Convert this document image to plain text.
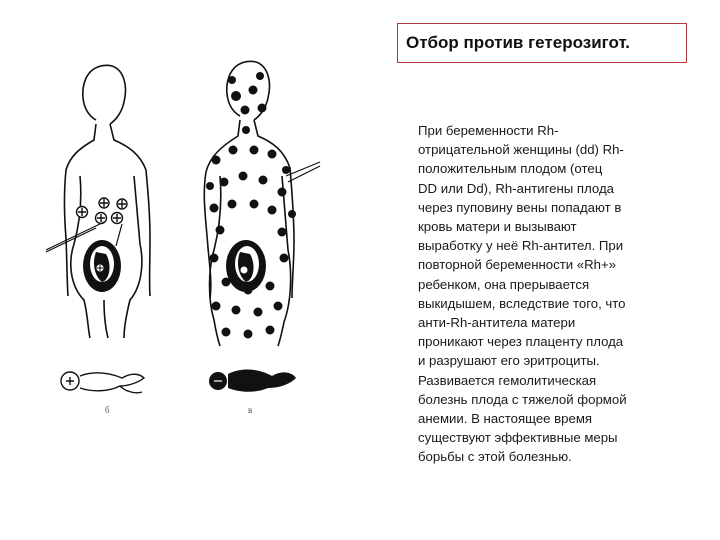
б	в
Отбор против гетерозигот.
При беременности Rh-
отрицательной женщины (dd) Rh-
положительным плодом (отец
DD или Dd), Rh-антигены плода
через пуповину вены попадают в
кровь матери и вызывают
выработку у неё Rh-антител. При
повторной беременности «Rh+»
ребенком, она прерывается
выкидышем, вследствие того, что
анти-Rh-антитела матери
проникают через плаценту плода
и разрушают его эритроциты.
Развивается гемолитическая
болезнь плода с тяжелой формой
анемии. В настоящее время
существуют эффективные меры
борьбы с этой болезнью.
